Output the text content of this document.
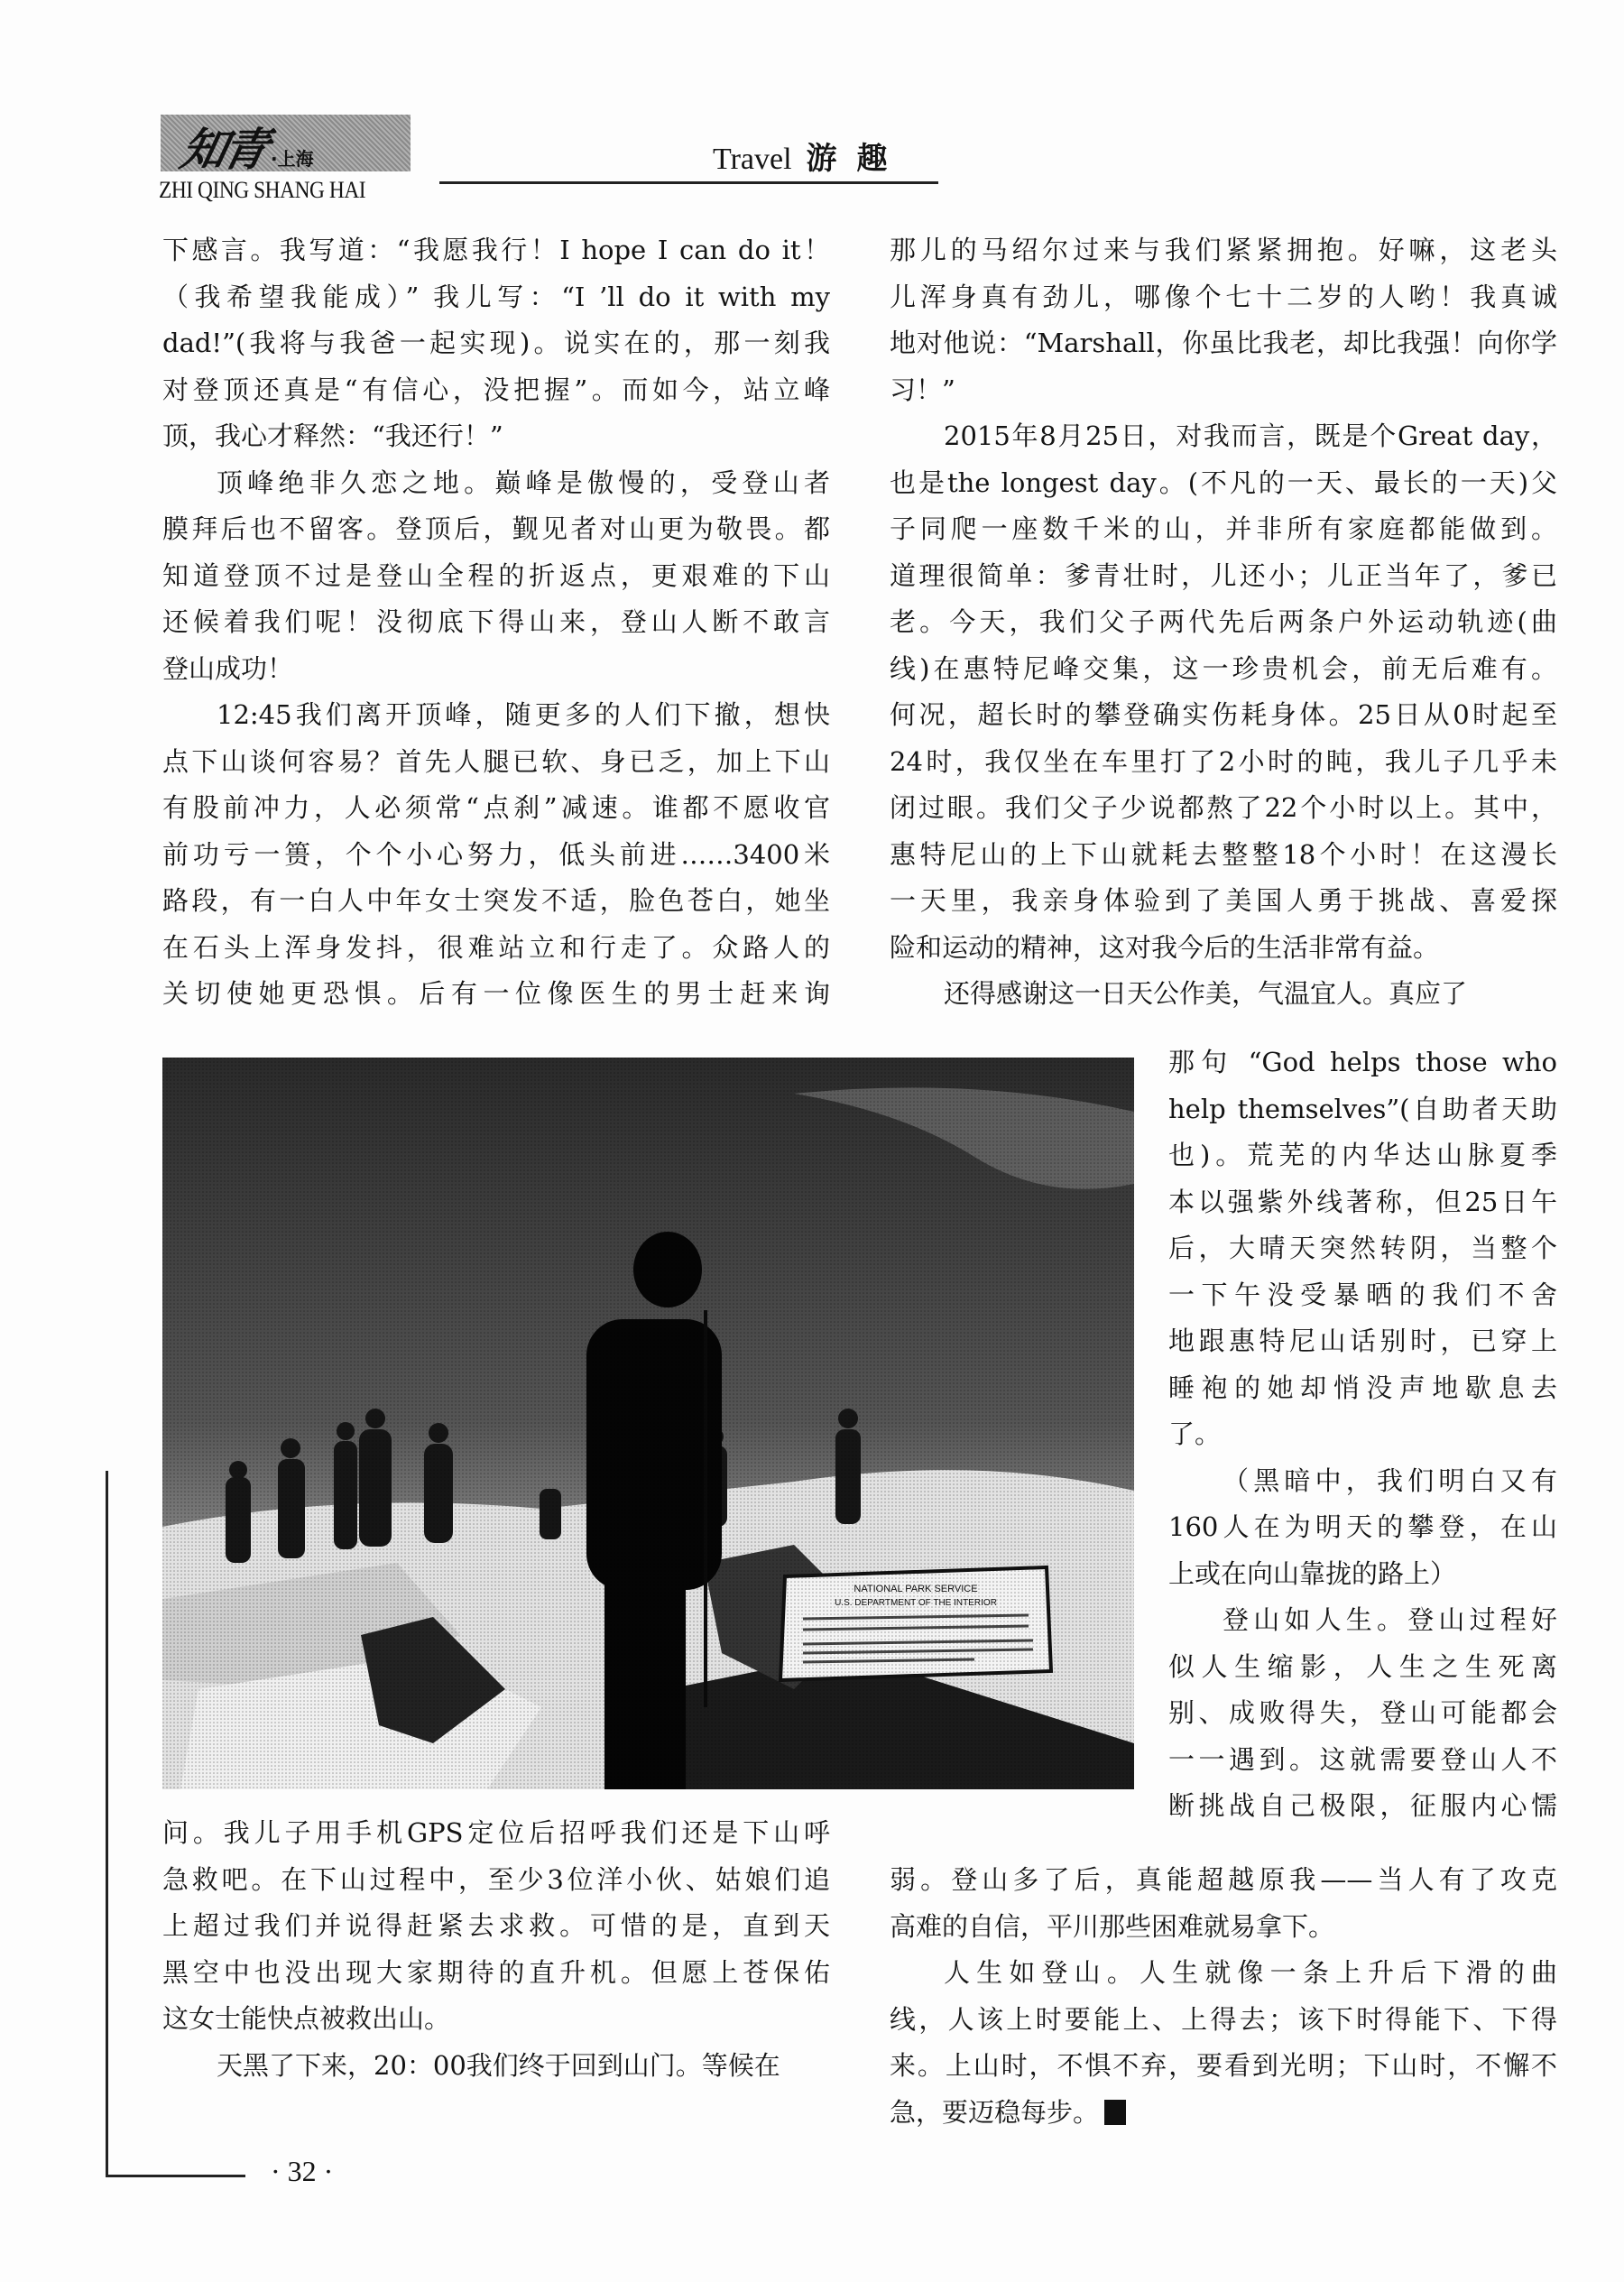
知青 ·上海
ZHI QING SHANG HAI
Travel 游趣
下感言。我写道：“我愿我行！I hope I can do it！
（我希望我能成）” 我儿写：“I ’ll do it with my
dad!”(我将与我爸一起实现)。说实在的，那一刻我
对登顶还真是“有信心，没把握”。而如今，站立峰
顶，我心才释然：“我还行！”
顶峰绝非久恋之地。巅峰是傲慢的，受登山者
膜拜后也不留客。登顶后，觐见者对山更为敬畏。都
知道登顶不过是登山全程的折返点，更艰难的下山
还候着我们呢！没彻底下得山来，登山人断不敢言
登山成功！
12:45我们离开顶峰，随更多的人们下撤，想快
点下山谈何容易？首先人腿已软、身已乏，加上下山
有股前冲力，人必须常“点刹”减速。谁都不愿收官
前功亏一篑，个个小心努力，低头前进……3400米
路段，有一白人中年女士突发不适，脸色苍白，她坐
在石头上浑身发抖，很难站立和行走了。众路人的
关切使她更恐惧。后有一位像医生的男士赶来询
问。我儿子用手机GPS定位后招呼我们还是下山呼
急救吧。在下山过程中，至少3位洋小伙、姑娘们追
上超过我们并说得赶紧去求救。可惜的是，直到天
黑空中也没出现大家期待的直升机。但愿上苍保佑
这女士能快点被救出山。
天黑了下来，20：00我们终于回到山门。等候在
那儿的马绍尔过来与我们紧紧拥抱。好嘛，这老头
儿浑身真有劲儿，哪像个七十二岁的人哟！我真诚
地对他说：“Marshall，你虽比我老，却比我强！向你学
习！”
2015年8月25日，对我而言，既是个Great day，
也是the longest day。(不凡的一天、最长的一天)父
子同爬一座数千米的山，并非所有家庭都能做到。
道理很简单：爹青壮时，儿还小；儿正当年了，爹已
老。今天，我们父子两代先后两条户外运动轨迹(曲
线)在惠特尼峰交集，这一珍贵机会，前无后难有。
何况，超长时的攀登确实伤耗身体。25日从0时起至
24时，我仅坐在车里打了2小时的盹，我儿子几乎未
闭过眼。我们父子少说都熬了22个小时以上。其中，
惠特尼山的上下山就耗去整整18个小时！在这漫长
一天里，我亲身体验到了美国人勇于挑战、喜爱探
险和运动的精神，这对我今后的生活非常有益。
还得感谢这一日天公作美，气温宜人。真应了
那句 “God helps those who
help themselves”(自助者天助
也)。荒芜的内华达山脉夏季
本以强紫外线著称，但25日午
后，大晴天突然转阴，当整个
一下午没受暴晒的我们不舍
地跟惠特尼山话别时，已穿上
睡袍的她却悄没声地歇息去
了。
（黑暗中，我们明白又有
160人在为明天的攀登，在山
上或在向山靠拢的路上）
登山如人生。登山过程好
似人生缩影，人生之生死离
别、成败得失，登山可能都会
一一遇到。这就需要登山人不
断挑战自己极限，征服内心懦
弱。登山多了后，真能超越原我——当人有了攻克
高难的自信，平川那些困难就易拿下。
人生如登山。人生就像一条上升后下滑的曲
线，人该上时要能上、上得去；该下时得能下、下得
来。上山时，不惧不弃，要看到光明；下山时，不懈不
急，要迈稳每步。
· 32 ·
